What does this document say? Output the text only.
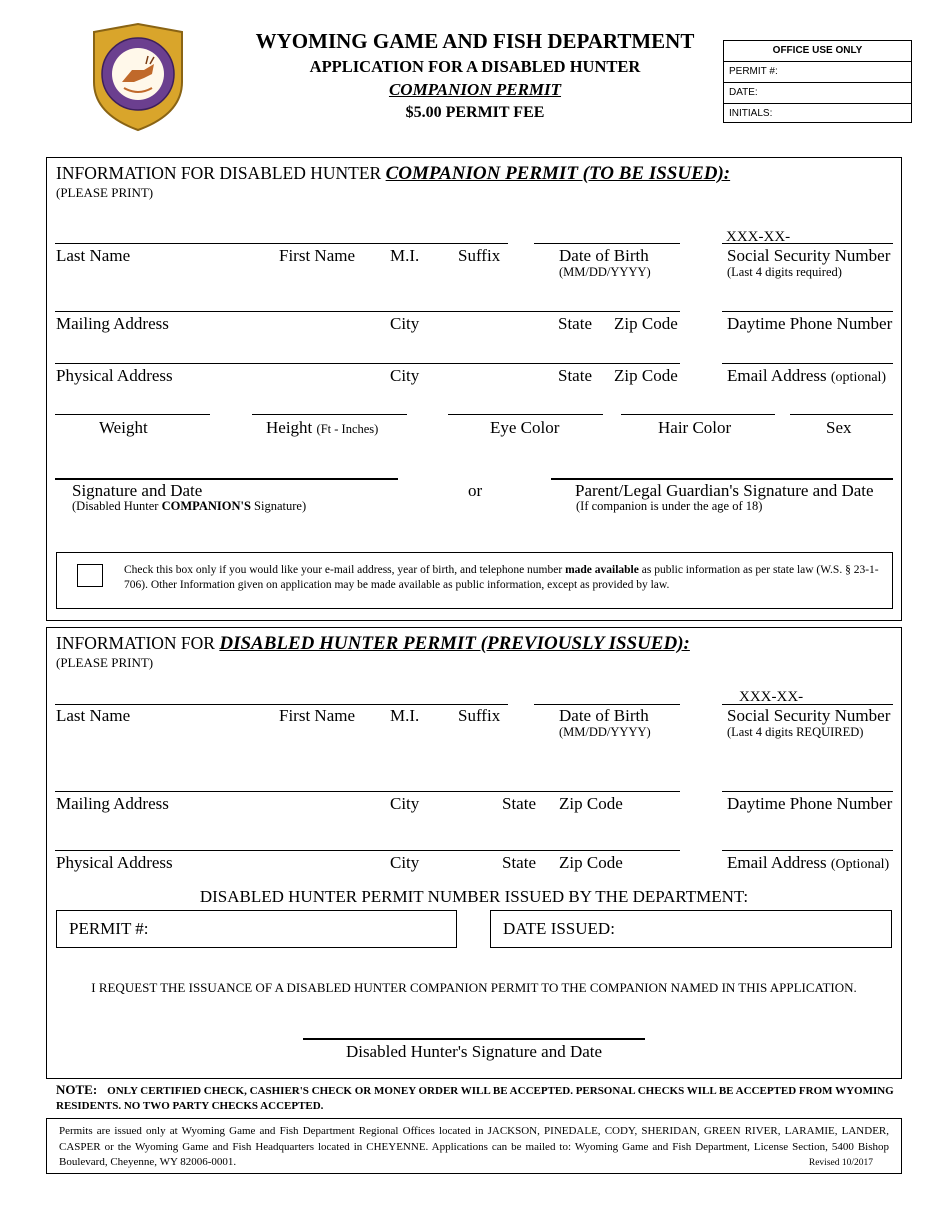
WYOMING GAME AND FISH DEPARTMENT
APPLICATION FOR A DISABLED HUNTER
COMPANION PERMIT
$5.00 PERMIT FEE
OFFICE USE ONLY
PERMIT #:
DATE:
INITIALS:
INFORMATION FOR DISABLED HUNTER COMPANION PERMIT (TO BE ISSUED):
(PLEASE PRINT)
XXX-XX-
Last Name	First Name M.I. Suffix	Date of Birth
(MM/DD/YYYY)
Social Security Number
(Last 4 digits required)
Mailing Address	City	State Zip Code	Daytime Phone Number
Physical Address	City	State Zip Code	Email Address (optional)
Weight	Height (Ft - Inches)	Eye Color	Hair Color	Sex
Signature and Date
(Disabled Hunter COMPANION'S Signature)
or	Parent/Legal Guardian's Signature and Date
(If companion is under the age of 18)
Check this box only if you would like your e-mail address, year of birth, and telephone number made available as public information as per state law (W.S. § 23-1-706). Other Information given on application may be made available as public information, except as provided by law.
INFORMATION FOR DISABLED HUNTER PERMIT (PREVIOUSLY ISSUED):
(PLEASE PRINT)
XXX-XX-
Last Name	First Name M.I. Suffix	Date of Birth
(MM/DD/YYYY)
Social Security Number
(Last 4 digits REQUIRED)
Mailing Address	City	State Zip Code	Daytime Phone Number
Physical Address	City	State Zip Code	Email Address (Optional)
DISABLED HUNTER PERMIT NUMBER ISSUED BY THE DEPARTMENT:
PERMIT #:	DATE ISSUED:
I REQUEST THE ISSUANCE OF A DISABLED HUNTER COMPANION PERMIT TO THE COMPANION NAMED IN THIS APPLICATION.
Disabled Hunter's Signature and Date
NOTE: ONLY CERTIFIED CHECK, CASHIER'S CHECK OR MONEY ORDER WILL BE ACCEPTED. PERSONAL CHECKS WILL BE ACCEPTED FROM WYOMING RESIDENTS. NO TWO PARTY CHECKS ACCEPTED.
Permits are issued only at Wyoming Game and Fish Department Regional Offices located in JACKSON, PINEDALE, CODY, SHERIDAN, GREEN RIVER, LARAMIE, LANDER, CASPER or the Wyoming Game and Fish Headquarters located in CHEYENNE. Applications can be mailed to: Wyoming Game and Fish Department, License Section, 5400 Bishop Boulevard, Cheyenne, WY 82006-0001.	Revised 10/2017
